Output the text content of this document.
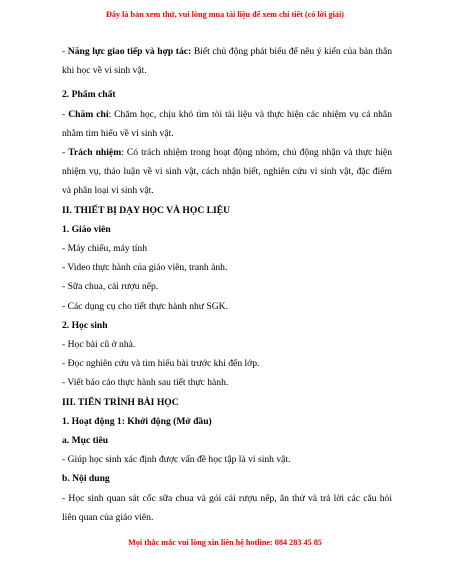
Đây là bản xem thử, vui lòng mua tài liệu để xem chi tiết (có lời giải)

- Năng lực giao tiếp và hợp tác: Biết chủ động phát biểu để nêu ý kiến của bản thân khi học về vi sinh vật.

2. Phẩm chất

- Chăm chỉ: Chăm học, chịu khó tìm tòi tài liệu và thực hiện các nhiệm vụ cá nhân nhằm tìm hiểu về vi sinh vật.

- Trách nhiệm: Có trách nhiệm trong hoạt động nhóm, chủ động nhận và thực hiện nhiệm vụ, thảo luận về vi sinh vật, cách nhận biết, nghiên cứu vi sinh vật, đặc điểm và phân loại vi sinh vật.

II. THIẾT BỊ DẠY HỌC VÀ HỌC LIỆU

1. Giáo viên

- Máy chiếu, máy tính

- Video thực hành của giáo viên, tranh ảnh.

- Sữa chua, cái rượu nếp.

- Các dụng cụ cho tiết thực hành như SGK.

2. Học sinh

- Học bài cũ ở nhà.

- Đọc nghiên cứu và tìm hiểu bài trước khi đến lớp.

- Viết báo cáo thực hành sau tiết thực hành.

III. TIẾN TRÌNH BÀI HỌC

1. Hoạt động 1: Khởi động (Mở đầu)

a. Mục tiêu

- Giúp học sinh xác định được vấn đề học tập là vi sinh vật.

b. Nội dung

- Học sinh quan sát cốc sữa chua và gói cái rượu nếp, ăn thử và trả lời các câu hỏi liên quan của giáo viên.

Mọi thắc mắc vui lòng xin liên hệ hotline: 084 283 45 85
